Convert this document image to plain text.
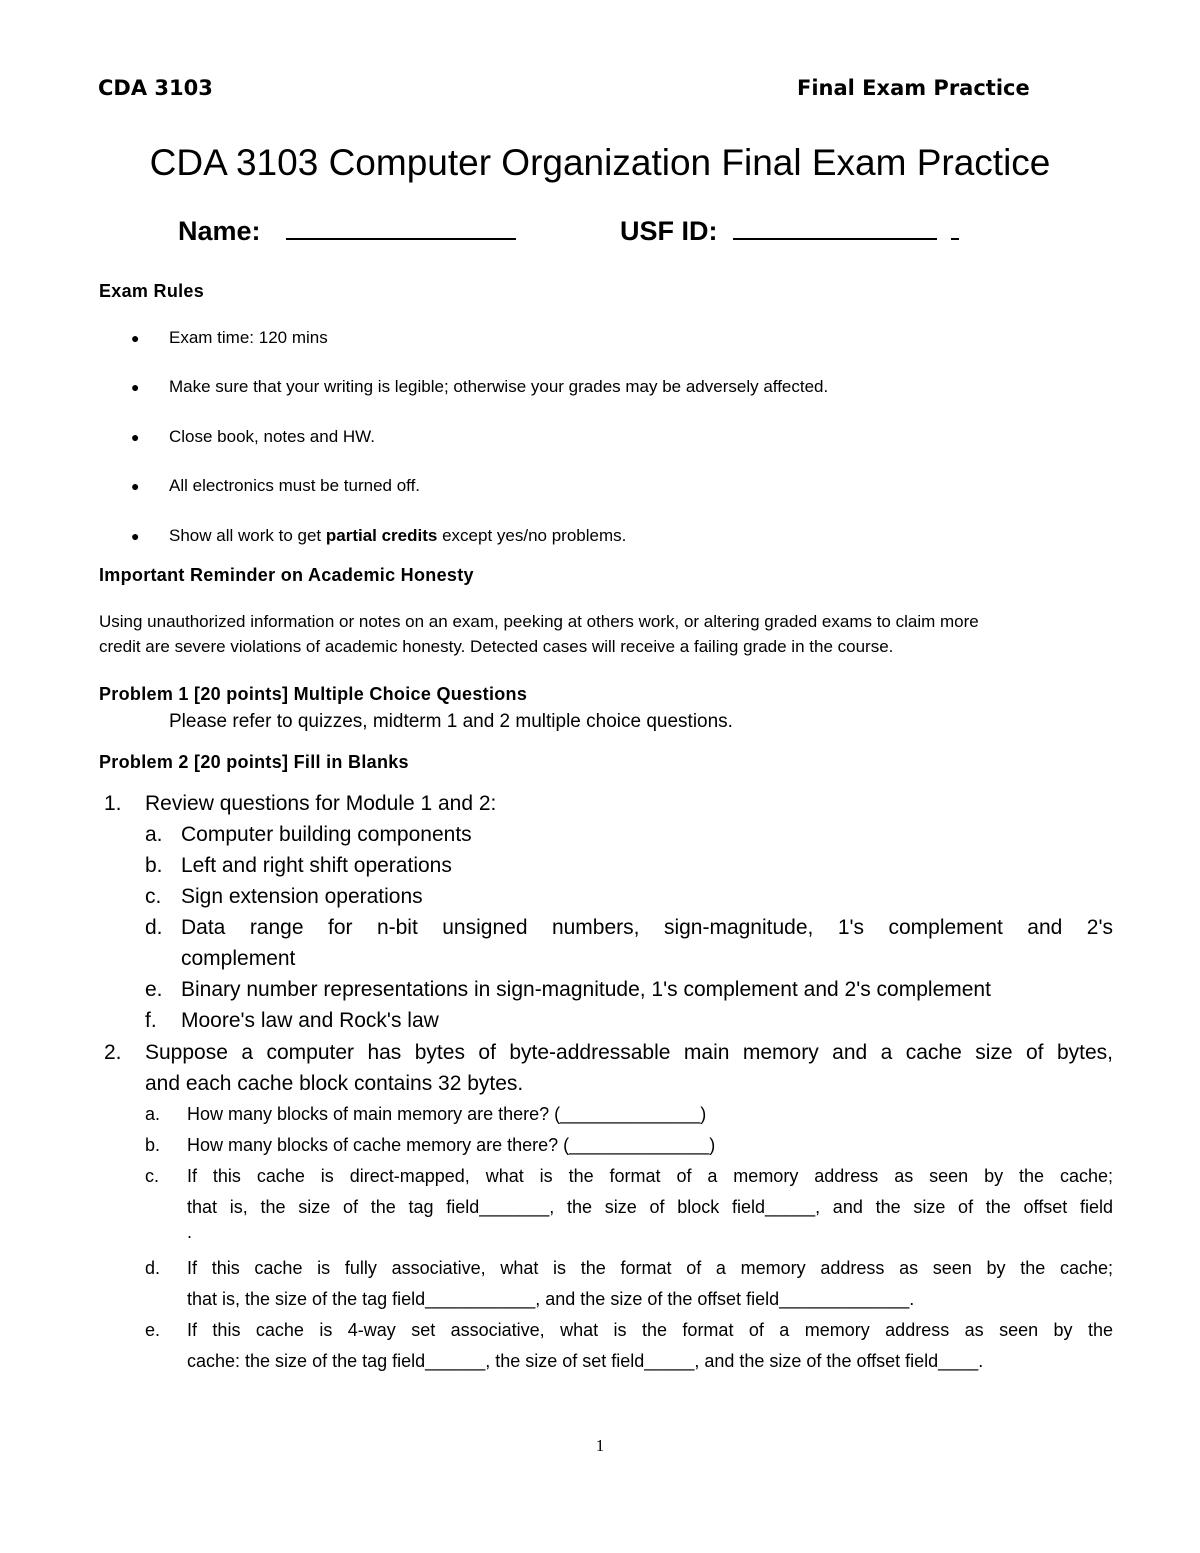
CDA 3103	Final Exam Practice
CDA 3103 Computer Organization Final Exam Practice
Name:	USF ID:
Exam Rules
● Exam time: 120 mins
● Make sure that your writing is legible; otherwise your grades may be adversely affected.
● Close book, notes and HW.
● All electronics must be turned off.
● Show all work to get partial credits except yes/no problems.
Important Reminder on Academic Honesty
Using unauthorized information or notes on an exam, peeking at others work, or altering graded exams to claim more
credit are severe violations of academic honesty. Detected cases will receive a failing grade in the course.
Problem 1 [20 points] Multiple Choice Questions
Please refer to quizzes, midterm 1 and 2 multiple choice questions.
Problem 2 [20 points] Fill in Blanks
1. Review questions for Module 1 and 2:
a. Computer building components
b. Left and right shift operations
c. Sign extension operations
d. Data range for n-bit unsigned numbers, sign-magnitude, 1's complement and 2's
complement
e. Binary number representations in sign-magnitude, 1's complement and 2's complement
f. Moore's law and Rock's law
2. Suppose a computer has bytes of byte-addressable main memory and a cache size of bytes,
and each cache block contains 32 bytes.
a. How many blocks of main memory are there? (______________)
b. How many blocks of cache memory are there? (______________)
c. If this cache is direct-mapped, what is the format of a memory address as seen by the cache;
that is, the size of the tag field_______, the size of block field_____, and the size of the offset field
.
d. If this cache is fully associative, what is the format of a memory address as seen by the cache;
that is, the size of the tag field___________, and the size of the offset field_____________.
e. If this cache is 4-way set associative, what is the format of a memory address as seen by the
cache: the size of the tag field______, the size of set field_____, and the size of the offset field____.
1
